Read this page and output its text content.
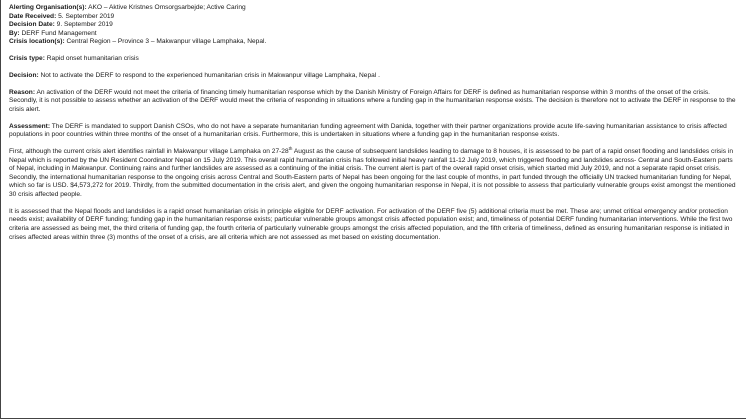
Alerting Organisation(s): AKO – Aktive Kristnes Omsorgsarbejde; Active Caring
Date Received: 5. September 2019
Decision Date: 9. September 2019
By: DERF Fund Management
Crisis location(s): Central Region – Province 3 – Makwanpur village Lamphaka, Nepal.

Crisis type: Rapid onset humanitarian crisis

Decision: Not to activate the DERF to respond to the experienced humanitarian crisis in Makwanpur village Lamphaka, Nepal .

Reason: An activation of the DERF would not meet the criteria of financing timely humanitarian response which by the Danish Ministry of Foreign Affairs for DERF is defined as humanitarian response within 3 months of the onset of the crisis. Secondly, it is not possible to assess whether an activation of the DERF would meet the criteria of responding in situations where a funding gap in the humanitarian response exists. The decision is therefore not to activate the DERF in response to the crisis alert.

Assessment: The DERF is mandated to support Danish CSOs, who do not have a separate humanitarian funding agreement with Danida, together with their partner organizations provide acute life-saving humanitarian assistance to crisis affected populations in poor countries within three months of the onset of a humanitarian crisis. Furthermore, this is undertaken in situations where a funding gap in the humanitarian response exists.

First, although the current crisis alert identifies rainfall in Makwanpur village Lamphaka on 27-28th August as the cause of subsequent landslides leading to damage to 8 houses, it is assessed to be part of a rapid onset flooding and landslides crisis in Nepal which is reported by the UN Resident Coordinator Nepal on 15 July 2019. This overall rapid humanitarian crisis has followed initial heavy rainfall 11-12 July 2019, which triggered flooding and landslides across- Central and South-Eastern parts of Nepal, including in Makwanpur. Continuing rains and further landslides are assessed as a continuing of the initial crisis. The current alert is part of the overall rapid onset crisis, which started mid July 2019, and not a separate rapid onset crisis. Secondly, the international humanitarian response to the ongoing crisis across Central and South-Eastern parts of Nepal has been ongoing for the last couple of months, in part funded through the officially UN tracked humanitarian funding for Nepal, which so far is USD. $4,573,272 for 2019. Thirdly, from the submitted documentation in the crisis alert, and given the ongoing humanitarian response in Nepal, it is not possible to assess that particularly vulnerable groups exist amongst the mentioned 30 crisis affected people.

It is assessed that the Nepal floods and landslides is a rapid onset humanitarian crisis in principle eligible for DERF activation. For activation of the DERF five (5) additional criteria must be met. These are; unmet critical emergency and/or protection needs exist; availability of DERF funding; funding gap in the humanitarian response exists; particular vulnerable groups amongst crisis affected population exist; and, timeliness of potential DERF funding humanitarian interventions. While the first two criteria are assessed as being met, the third criteria of funding gap, the fourth criteria of particularly vulnerable groups amongst the crisis affected population, and the fifth criteria of timeliness, defined as ensuring humanitarian response is initiated in crises affected areas within three (3) months of the onset of a crisis, are all criteria which are not assessed as met based on existing documentation.
